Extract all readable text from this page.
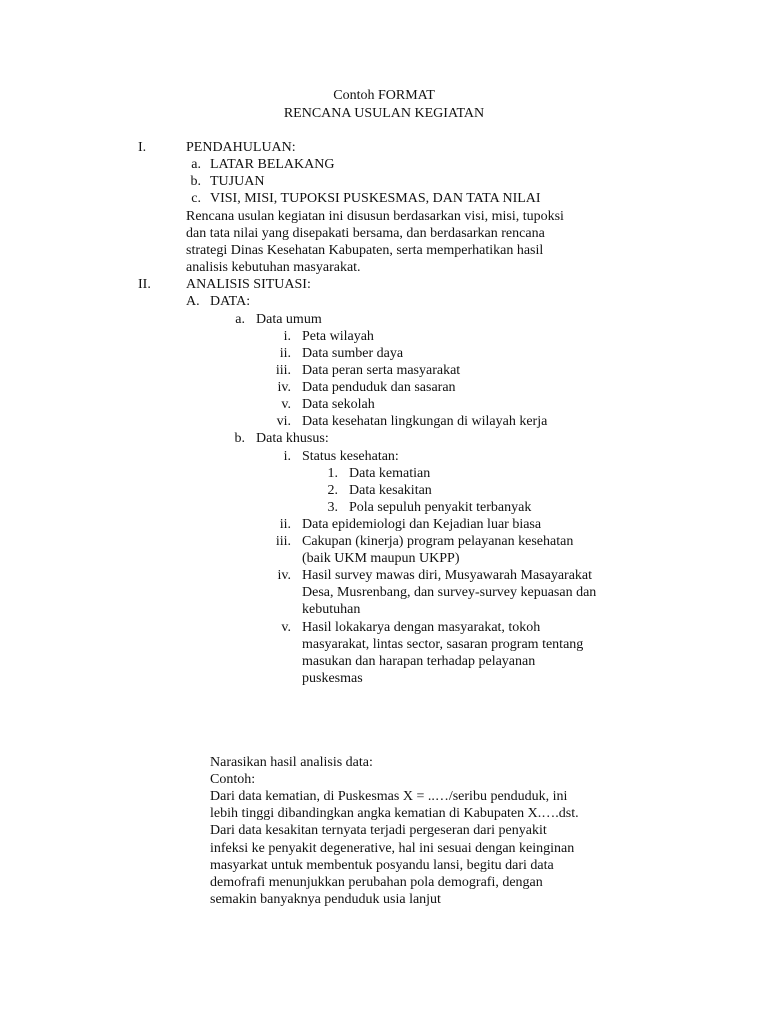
Contoh FORMAT
RENCANA USULAN KEGIATAN
I.	PENDAHULUAN:
a. LATAR BELAKANG
b. TUJUAN
c. VISI, MISI, TUPOKSI PUSKESMAS, DAN TATA NILAI
Rencana usulan kegiatan ini disusun berdasarkan visi, misi, tupoksi
dan tata nilai yang disepakati bersama, dan berdasarkan rencana
strategi Dinas Kesehatan Kabupaten, serta memperhatikan hasil
analisis kebutuhan masyarakat.
II.	ANALISIS SITUASI:
A. DATA:
a. Data umum
i. Peta wilayah
ii. Data sumber daya
iii. Data peran serta masyarakat
iv. Data penduduk dan sasaran
v. Data sekolah
vi. Data kesehatan lingkungan di wilayah kerja
b. Data khusus:
i. Status kesehatan:
1. Data kematian
2. Data kesakitan
3. Pola sepuluh penyakit terbanyak
ii. Data epidemiologi dan Kejadian luar biasa
iii. Cakupan (kinerja) program pelayanan kesehatan
(baik UKM maupun UKPP)
iv. Hasil survey mawas diri, Musyawarah Masayarakat
Desa, Musrenbang, dan survey-survey kepuasan dan
kebutuhan
v. Hasil lokakarya dengan masyarakat, tokoh
masyarakat, lintas sector, sasaran program tentang
masukan dan harapan terhadap pelayanan
puskesmas
Narasikan hasil analisis data:
Contoh:
Dari data kematian, di Puskesmas X = ..…/seribu penduduk, ini
lebih tinggi dibandingkan angka kematian di Kabupaten X.….dst.
Dari data kesakitan ternyata terjadi pergeseran dari penyakit
infeksi ke penyakit degenerative, hal ini sesuai dengan keinginan
masyarkat untuk membentuk posyandu lansi, begitu dari data
demofrafi menunjukkan perubahan pola demografi, dengan
semakin banyaknya penduduk usia lanjut
